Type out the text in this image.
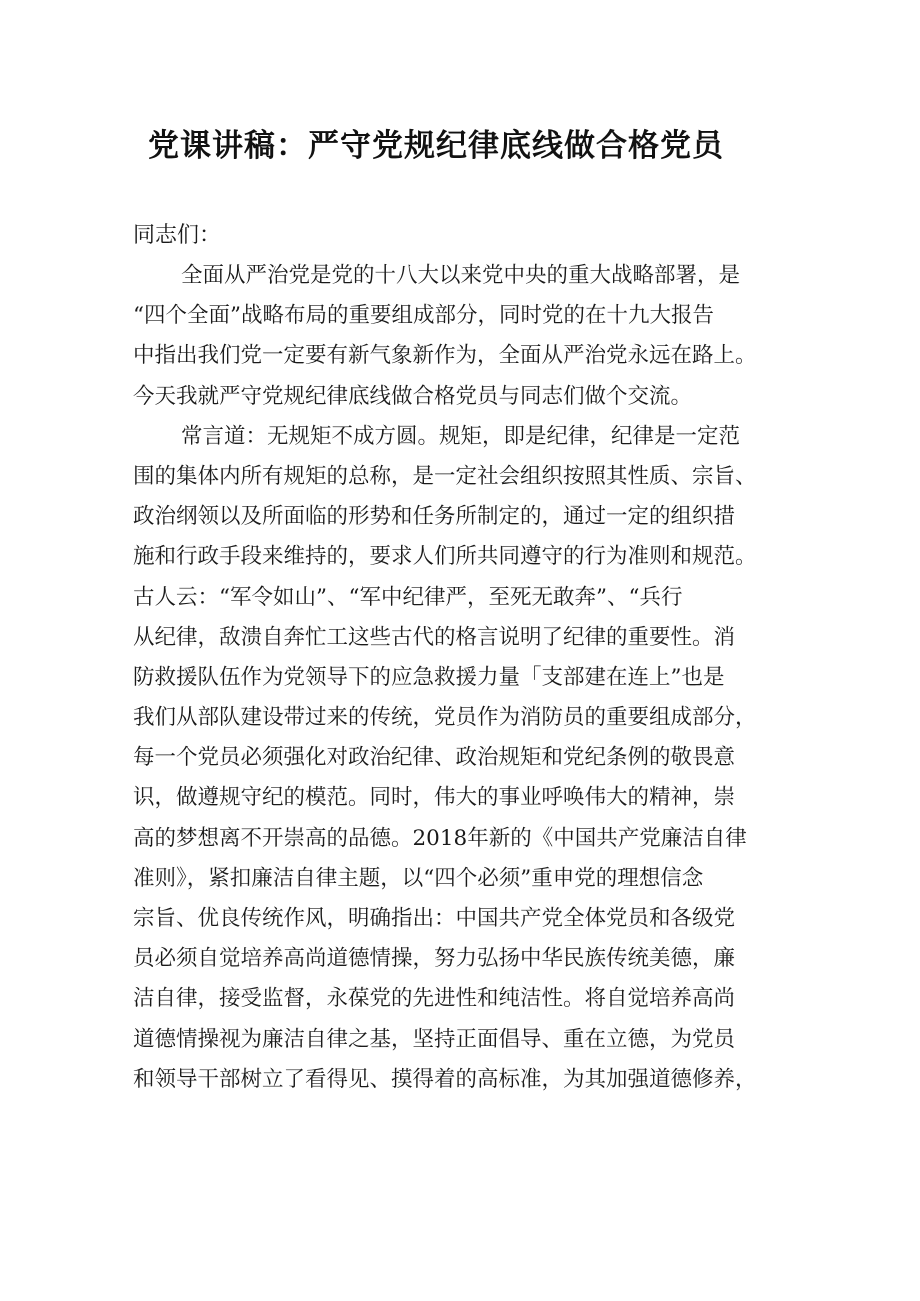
党课讲稿：严守党规纪律底线做合格党员

同志们：

全面从严治党是党的十八大以来党中央的重大战略部署，是
“四个全面”战略布局的重要组成部分，同时党的在十九大报告
中指出我们党一定要有新气象新作为，全面从严治党永远在路上。
今天我就严守党规纪律底线做合格党员与同志们做个交流。
常言道：无规矩不成方圆。规矩，即是纪律，纪律是一定范
围的集体内所有规矩的总称，是一定社会组织按照其性质、宗旨、
政治纲领以及所面临的形势和任务所制定的，通过一定的组织措
施和行政手段来维持的，要求人们所共同遵守的行为准则和规范。
古人云：“军令如山”、“军中纪律严，至死无敢奔”、“兵行
从纪律，敌溃自奔忙工这些古代的格言说明了纪律的重要性。消
防救援队伍作为党领导下的应急救援力量「支部建在连上”也是
我们从部队建设带过来的传统，党员作为消防员的重要组成部分，
每一个党员必须强化对政治纪律、政治规矩和党纪条例的敬畏意
识，做遵规守纪的模范。同时，伟大的事业呼唤伟大的精神，崇
高的梦想离不开崇高的品德。2018年新的《中国共产党廉洁自律
准则》，紧扣廉洁自律主题，以“四个必须”重申党的理想信念
宗旨、优良传统作风，明确指出：中国共产党全体党员和各级党
员必须自觉培养高尚道德情操，努力弘扬中华民族传统美德，廉
洁自律，接受监督，永葆党的先进性和纯洁性。将自觉培养高尚
道德情操视为廉洁自律之基，坚持正面倡导、重在立德，为党员
和领导干部树立了看得见、摸得着的高标准，为其加强道德修养，
